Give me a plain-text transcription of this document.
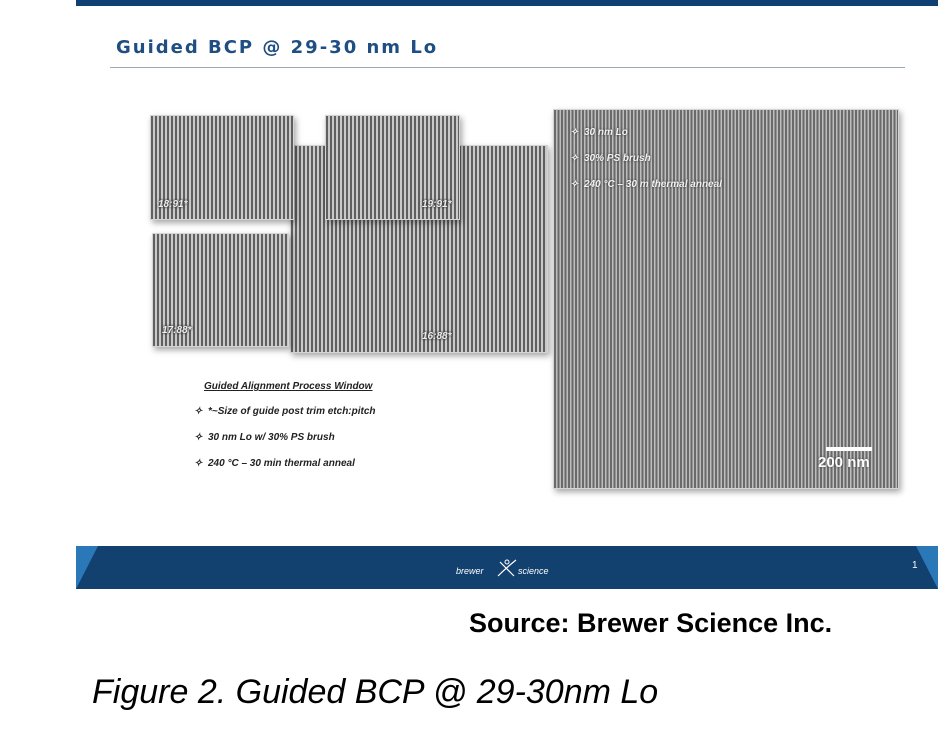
Guided BCP @ 29-30 nm Lo
18:91*	19:91*
17:88*
16:88*
✧ 30 nm Lo
✧ 30% PS brush
✧ 240 °C – 30 m thermal anneal
200 nm
Guided Alignment Process Window
✧ *~Size of guide post trim etch:pitch
✧ 30 nm Lo w/ 30% PS brush
✧ 240 °C – 30 min thermal anneal
brewer	science	1
Source: Brewer Science Inc.
Figure 2. Guided BCP @ 29-30nm Lo
